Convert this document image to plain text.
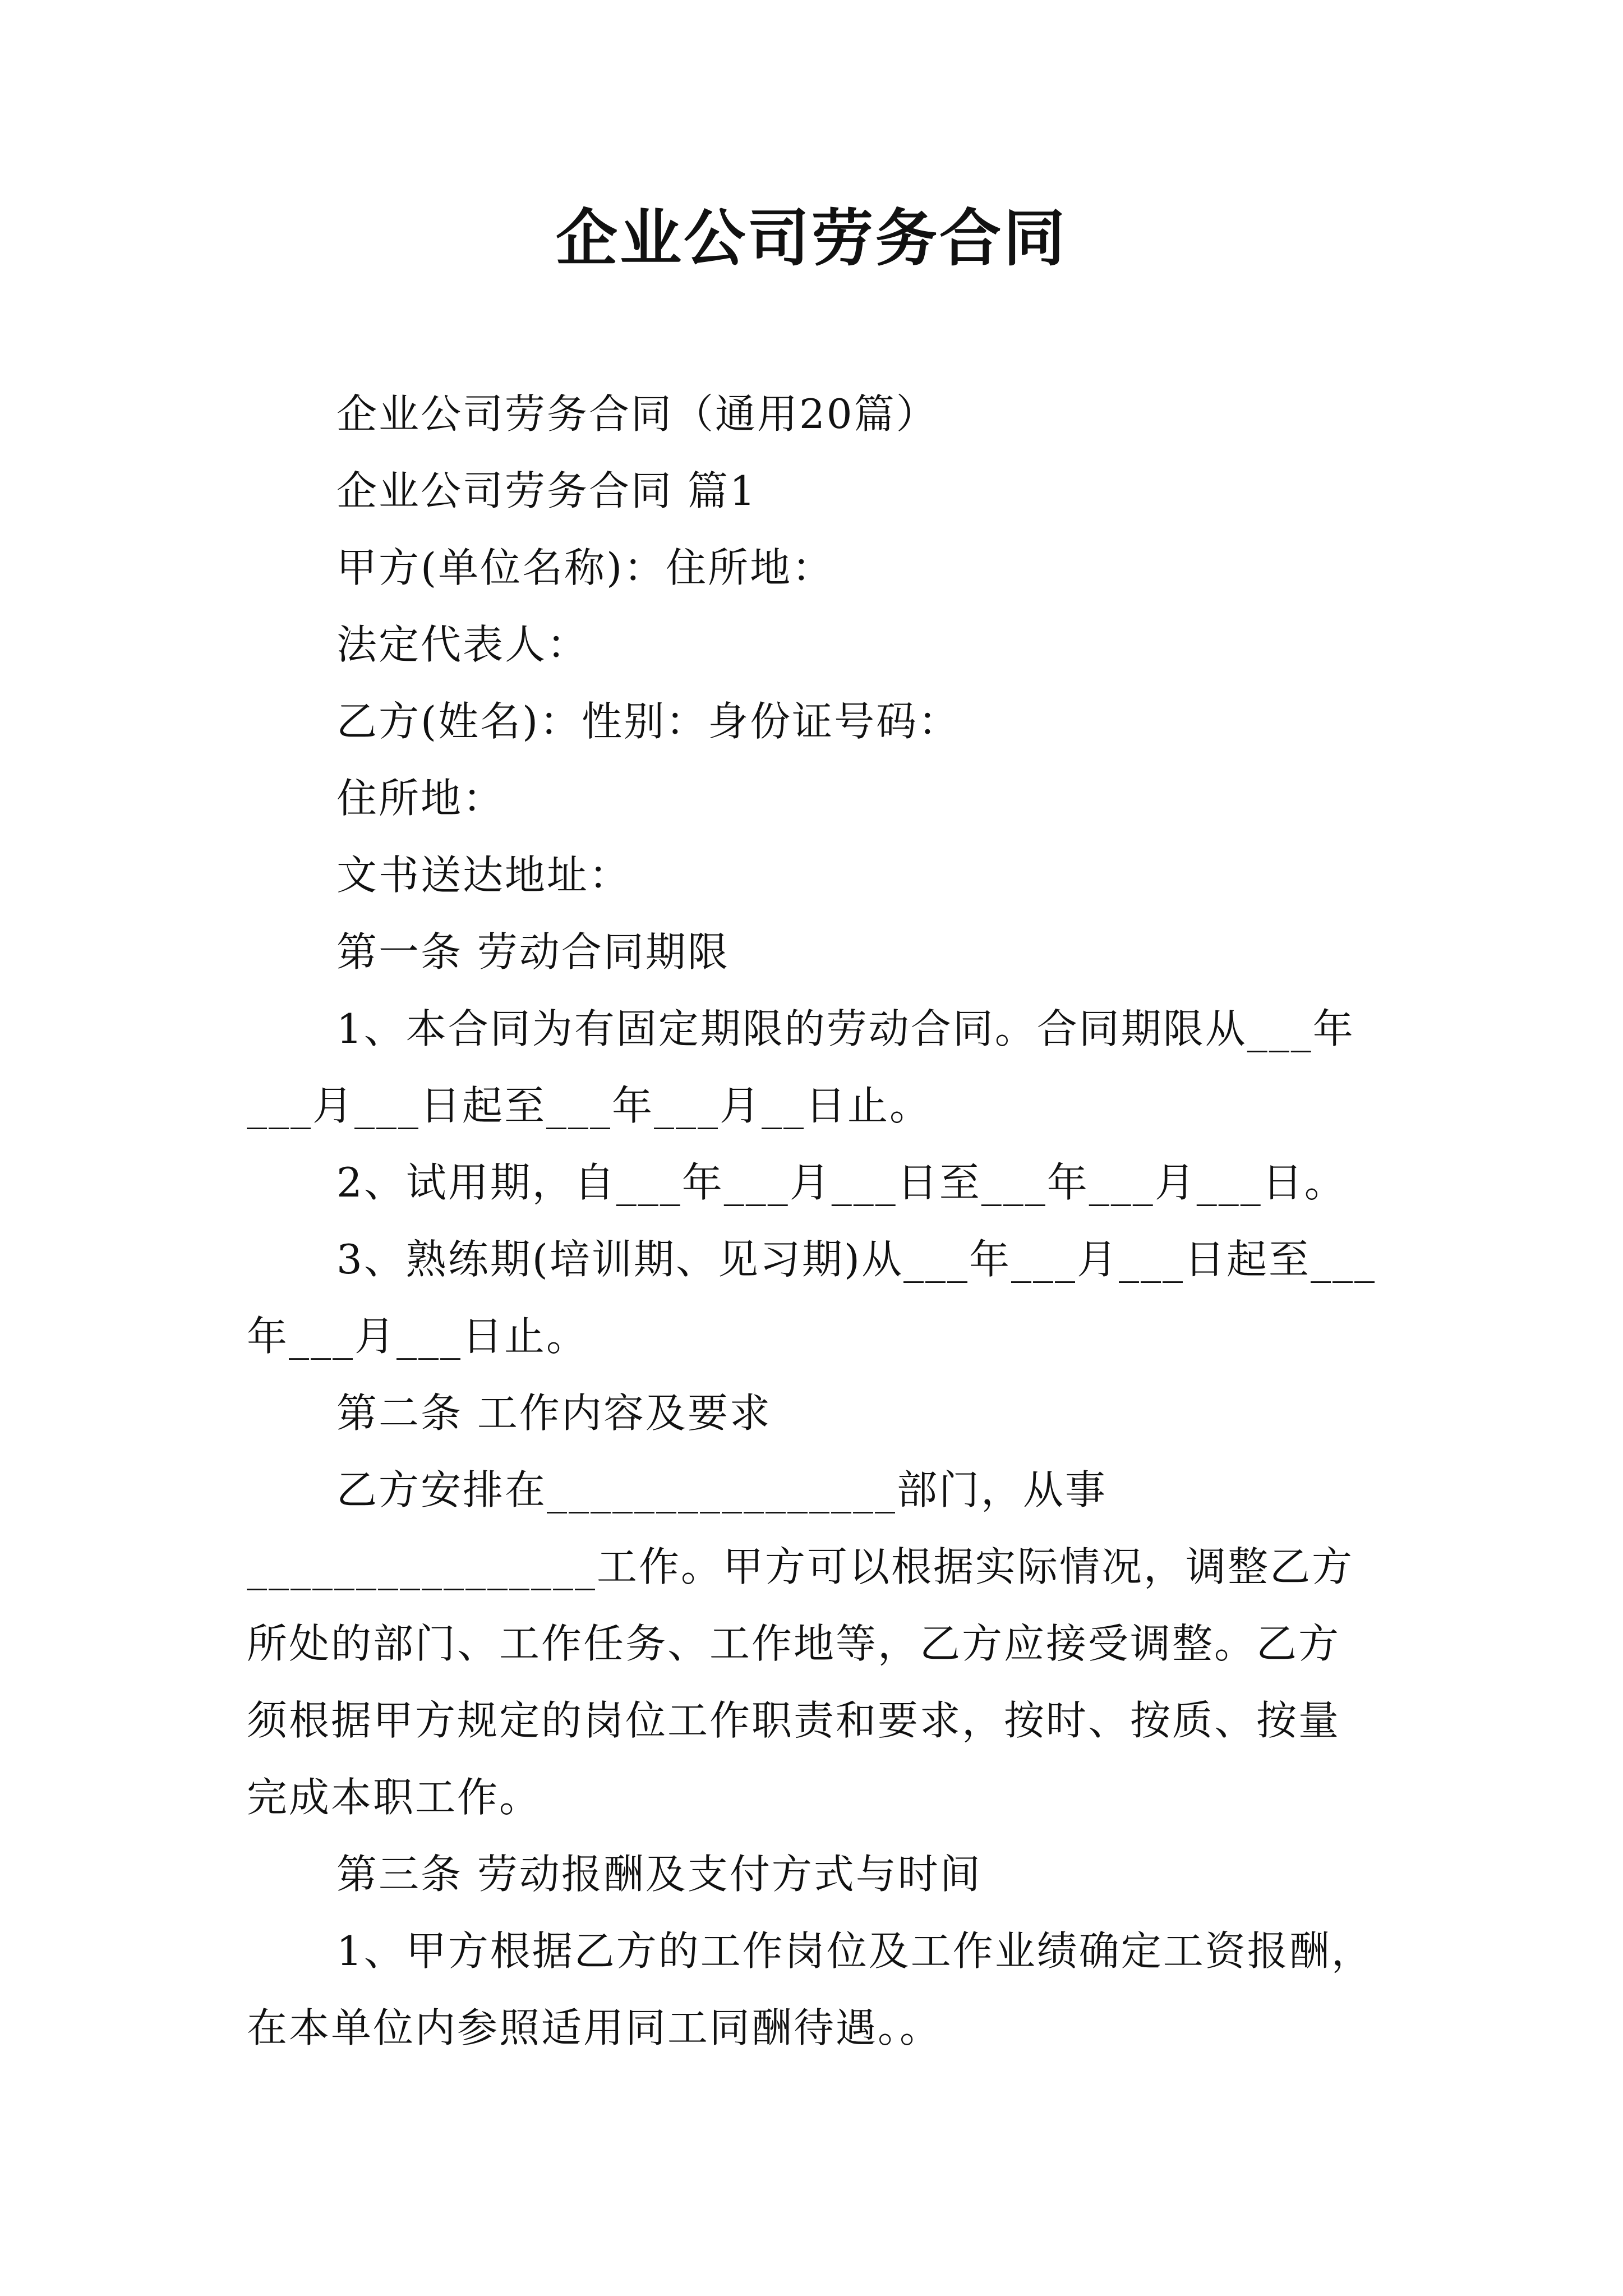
企业公司劳务合同
企业公司劳务合同（通用20篇）
企业公司劳务合同 篇1
甲方(单位名称)：住所地：
法定代表人：
乙方(姓名)：性别：身份证号码：
住所地：
文书送达地址：
第一条 劳动合同期限
1、本合同为有固定期限的劳动合同。合同期限从___年
___月___日起至___年___月__日止。
2、试用期，自___年___月___日至___年___月___日。
3、熟练期(培训期、见习期)从___年___月___日起至___
年___月___日止。
第二条 工作内容及要求
乙方安排在________________部门，从事
________________工作。甲方可以根据实际情况，调整乙方
所处的部门、工作任务、工作地等，乙方应接受调整。乙方
须根据甲方规定的岗位工作职责和要求，按时、按质、按量
完成本职工作。
第三条 劳动报酬及支付方式与时间
1、甲方根据乙方的工作岗位及工作业绩确定工资报酬，
在本单位内参照适用同工同酬待遇。。
